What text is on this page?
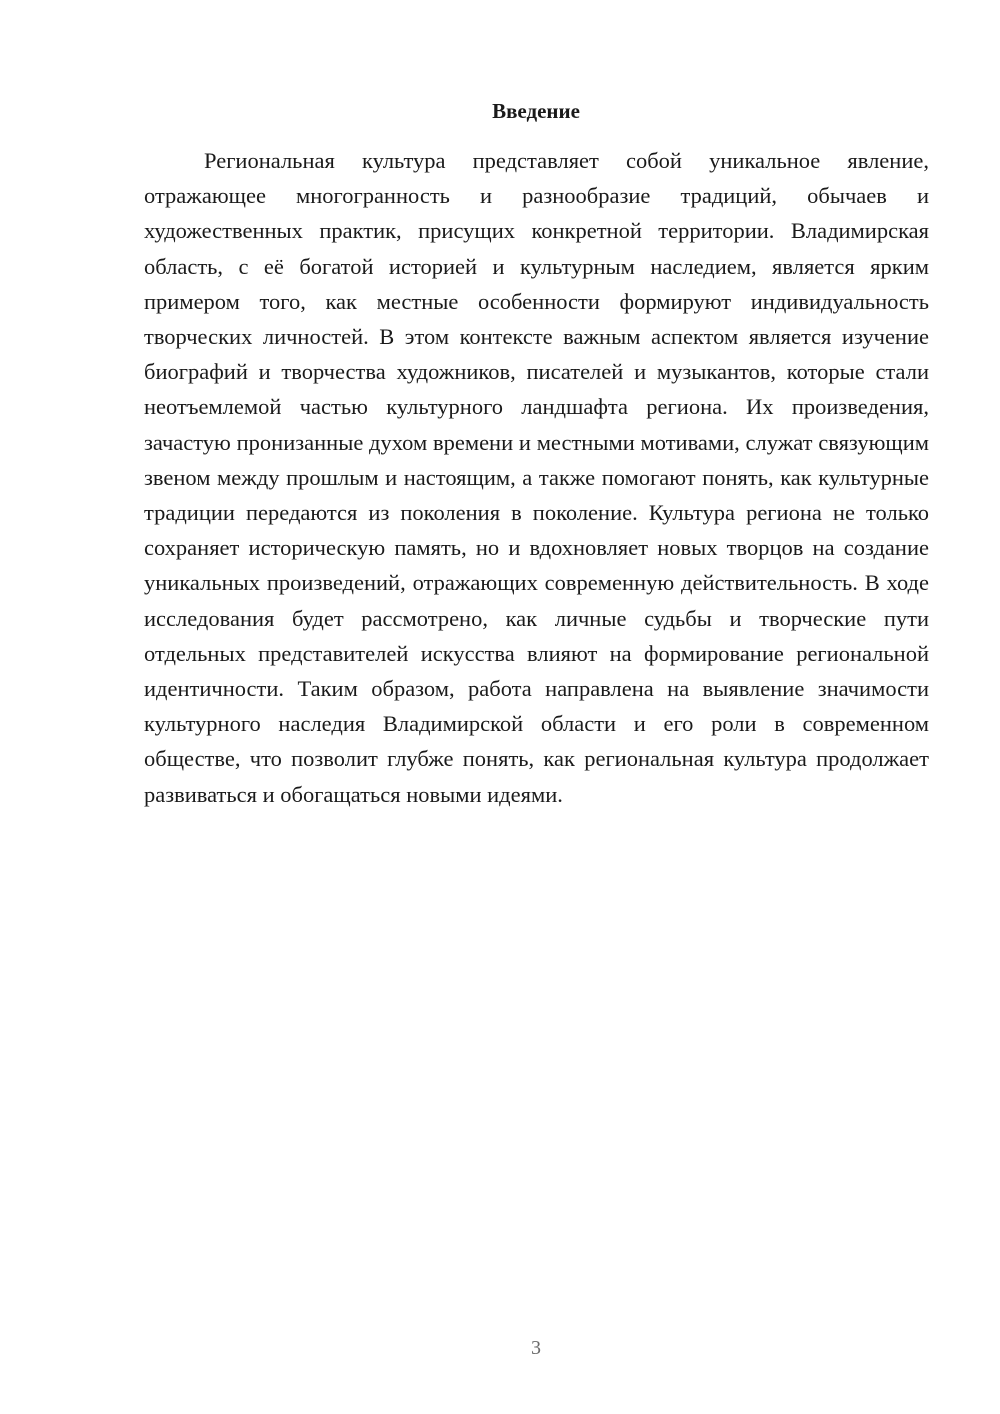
Введение

Региональная культура представляет собой уникальное явление, отражающее многогранность и разнообразие традиций, обычаев и художественных практик, присущих конкретной территории. Владимирская область, с её богатой историей и культурным наследием, является ярким примером того, как местные особенности формируют индивидуальность творческих личностей. В этом контексте важным аспектом является изучение биографий и творчества художников, писателей и музыкантов, которые стали неотъемлемой частью культурного ландшафта региона. Их произведения, зачастую пронизанные духом времени и местными мотивами, служат связующим звеном между прошлым и настоящим, а также помогают понять, как культурные традиции передаются из поколения в поколение. Культура региона не только сохраняет историческую память, но и вдохновляет новых творцов на создание уникальных произведений, отражающих современную действительность. В ходе исследования будет рассмотрено, как личные судьбы и творческие пути отдельных представителей искусства влияют на формирование региональной идентичности. Таким образом, работа направлена на выявление значимости культурного наследия Владимирской области и его роли в современном обществе, что позволит глубже понять, как региональная культура продолжает развиваться и обогащаться новыми идеями.

3
